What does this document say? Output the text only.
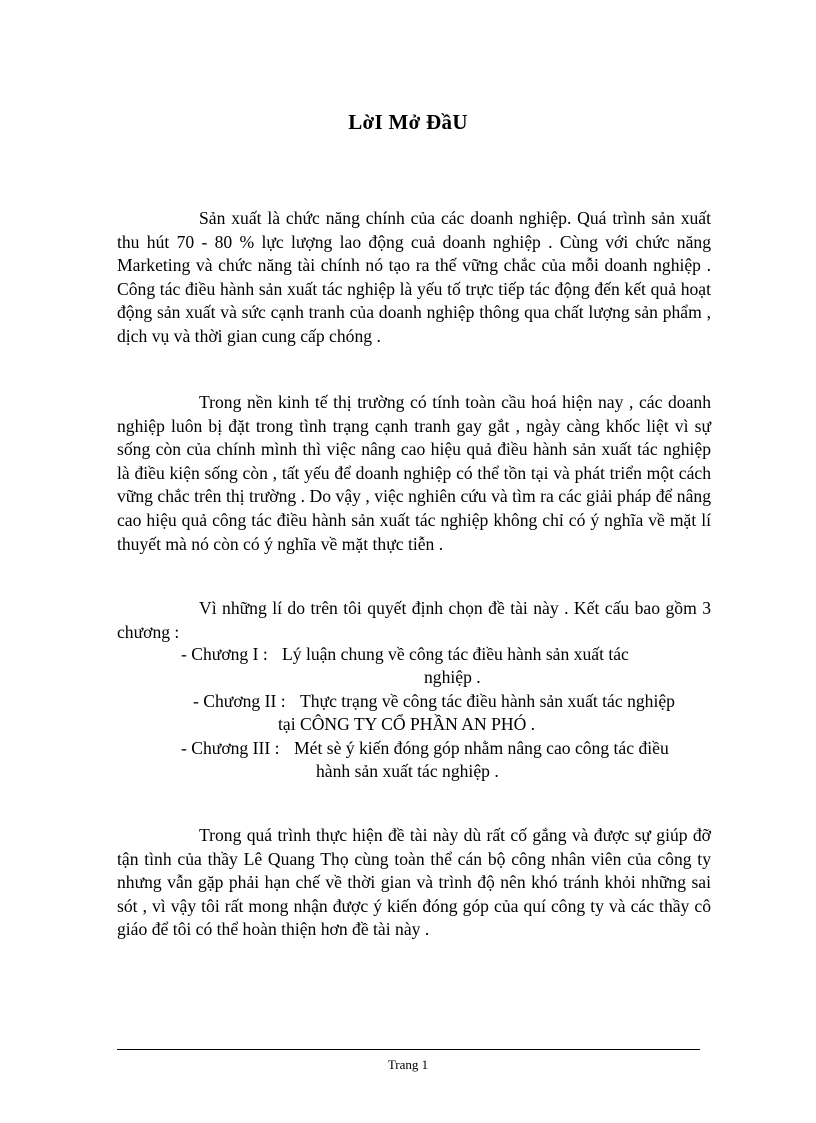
LờI Mở ĐầU

Sản xuất là chức năng chính của các doanh nghiệp. Quá trình sản xuất thu hút 70 - 80 % lực lượng lao động cuả doanh nghiệp . Cùng với chức năng Marketing và chức năng tài chính nó tạo ra thế vững chắc của mỗi doanh nghiệp . Công tác điều hành sản xuất tác nghiệp là yếu tố trực tiếp tác động đến kết quả hoạt động sản xuất và sức cạnh tranh của doanh nghiệp thông qua chất lượng sản phẩm , dịch vụ và thời gian cung cấp chóng .

Trong nền kinh tế thị trường có tính toàn cầu hoá hiện nay , các doanh nghiệp luôn bị đặt trong tình trạng cạnh tranh gay gắt , ngày càng khốc liệt vì sự sống còn của chính mình thì việc nâng cao hiệu quả điều hành sản xuất tác nghiệp là điều kiện sống còn , tất yếu để doanh nghiệp có thể tồn tại và phát triển một cách vững chắc trên thị trường . Do vậy , việc nghiên cứu và tìm ra các giải pháp để nâng cao hiệu quả công tác điều hành sản xuất tác nghiệp không chỉ có ý nghĩa về mặt lí thuyết mà nó còn có ý nghĩa về mặt thực tiễn .

Vì những lí do trên tôi quyết định chọn đề tài này . Kết cấu bao gồm 3 chương :

- Chương I : Lý luận chung về công tác điều hành sản xuất tác
nghiệp .
- Chương II : Thực trạng về công tác điều hành sản xuất tác nghiệp
tại CÔNG TY CỔ PHẦN AN PHÓ .
- Chương III : Mét sè ý kiến đóng góp nhằm nâng cao công tác điều
hành sản xuất tác nghiệp .

Trong quá trình thực hiện đề tài này dù rất cố gắng và được sự giúp đỡ tận tình của thầy Lê Quang Thọ cùng toàn thể cán bộ công nhân viên của công ty nhưng vẫn gặp phải hạn chế về thời gian và trình độ nên khó tránh khỏi những sai sót , vì vậy tôi rất mong nhận được ý kiến đóng góp của quí công ty và các thầy cô giáo để tôi có thể hoàn thiện hơn đề tài này .

Trang 1
